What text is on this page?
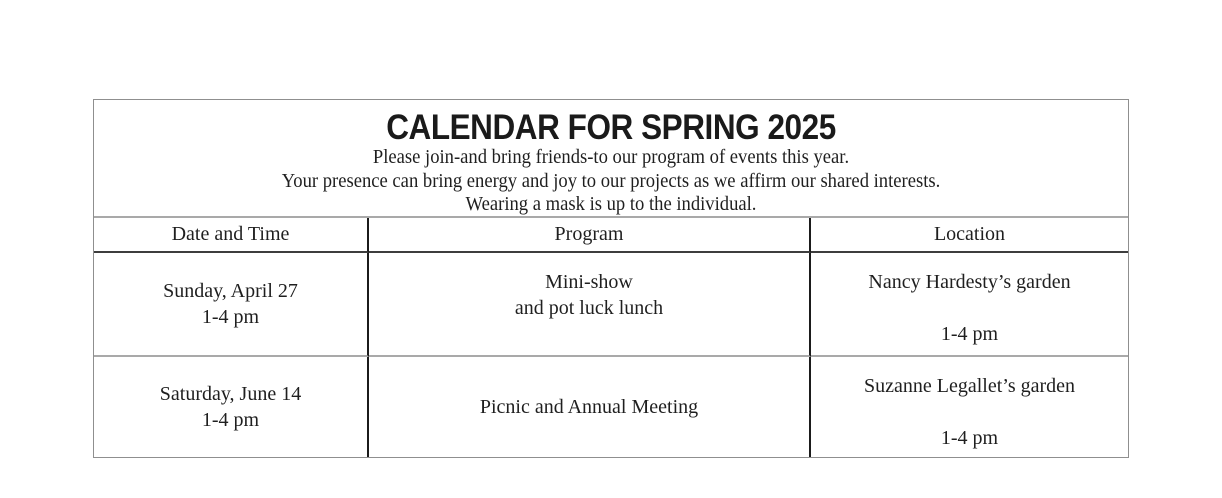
CALENDAR FOR SPRING 2025
Please join-and bring friends-to our program of events this year.
Your presence can bring energy and joy to our projects as we affirm our shared interests.
Wearing a mask is up to the individual.
Date and Time	Program	Location
Sunday, April 27
1-4 pm
Mini-show
and pot luck lunch
Nancy Hardesty’s garden
1-4 pm
Saturday, June 14
1-4 pm
Picnic and Annual Meeting
Suzanne Legallet’s garden
1-4 pm
